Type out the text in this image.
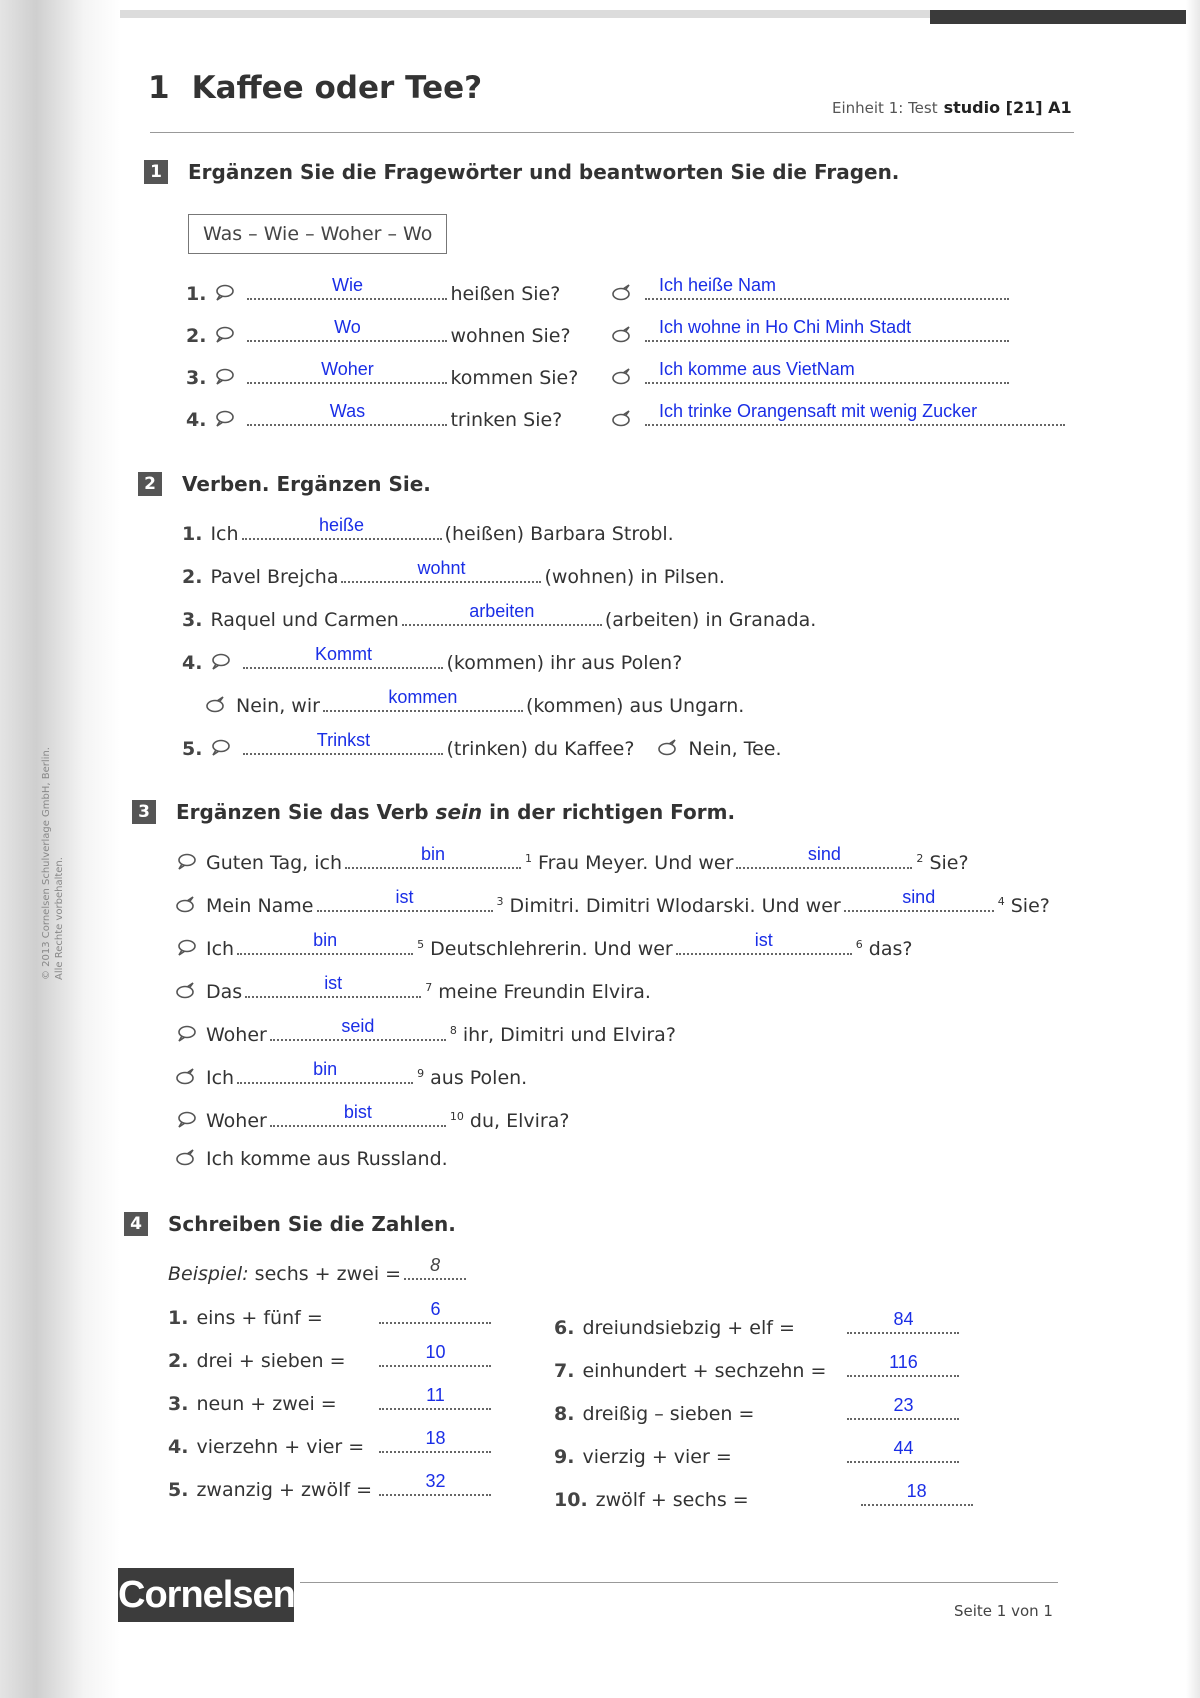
© 2013 Cornelsen Schulverlage GmbH, Berlin. Alle Rechte vorbehalten.
1 Kaffee oder Tee?
Einheit 1: Test studio [21] A1
1	Ergänzen Sie die Fragewörter und beantworten Sie die Fragen.
Was – Wie – Woher – Wo
1.	Wie	heißen Sie?	Ich heiße Nam
2.	Wo	wohnen Sie?	Ich wohne in Ho Chi Minh Stadt
3.	Woher	kommen Sie?	Ich komme aus VietNam
4.	Was	trinken Sie?	Ich trinke Orangensaft mit wenig Zucker
2	Verben. Ergänzen Sie.
1. Ich	heiße	(heißen) Barbara Strobl.
2. Pavel Brejcha	wohnt	(wohnen) in Pilsen.
3. Raquel und Carmen	arbeiten	(arbeiten) in Granada.
4.	Kommt	(kommen) ihr aus Polen?
Nein, wir	kommen	(kommen) aus Ungarn.
5.	Trinkst	(trinken) du Kaffee?	Nein, Tee.
3	Ergänzen Sie das Verb sein in der richtigen Form.
Guten Tag, ich	bin	$^1$ Frau Meyer. Und wer	sind	$^2$ Sie?
Mein Name	ist	$^3$ Dimitri. Dimitri Wlodarski. Und wer	sind	$^4$ Sie?
Ich	bin	$^5$ Deutschlehrerin. Und wer	ist	$^6$ das?
Das	ist	$^7$ meine Freundin Elvira.
Woher	seid	$^8$ ihr, Dimitri und Elvira?
Ich	bin	$^9$ aus Polen.
Woher	bist	$^{10}$ du, Elvira?
Ich komme aus Russland.
4	Schreiben Sie die Zahlen.
Beispiel: sechs + zwei =	8
1. eins + fünf =	6
2. drei + sieben =	10
3. neun + zwei =	11
4. vierzehn + vier =	18
5. zwanzig + zwölf =	32
6. dreiundsiebzig + elf =	84
7. einhundert + sechzehn =	116
8. dreißig – sieben =	23
9. vierzig + vier =	44
10. zwölf + sechs =	18
Cornelsen	Seite 1 von 1
